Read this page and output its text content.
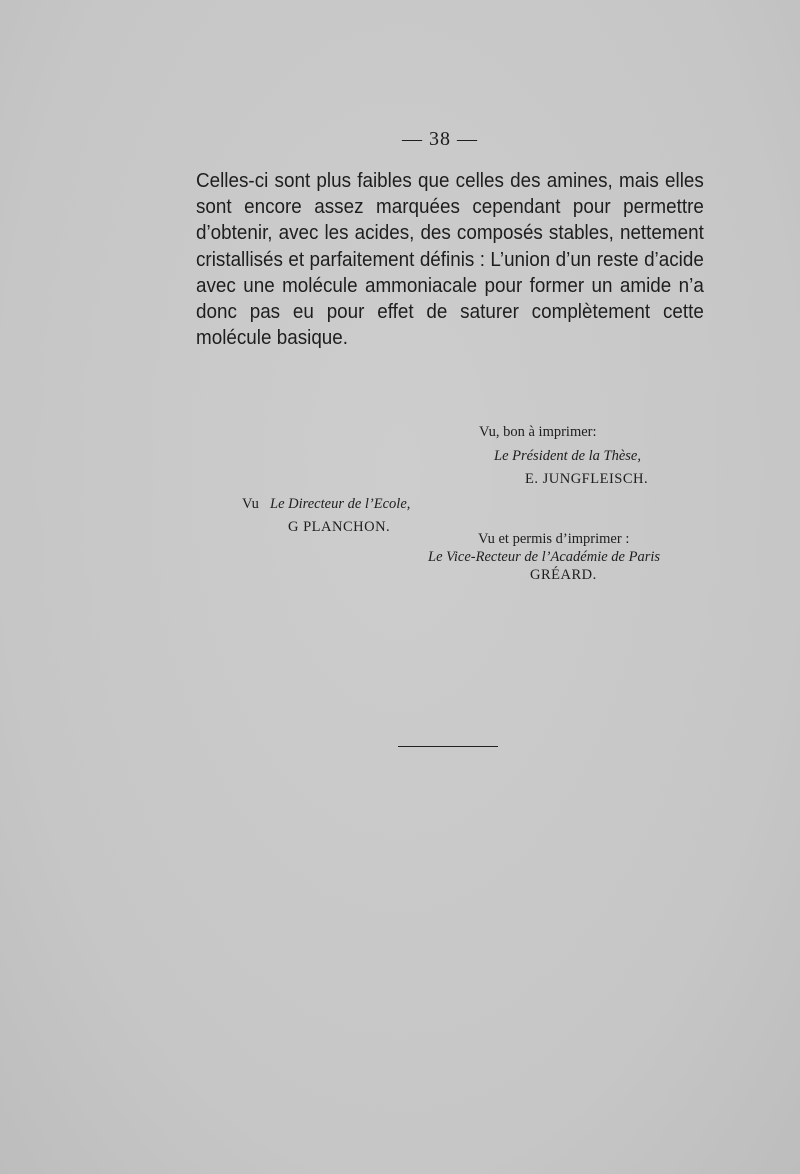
— 38 —
Celles-ci sont plus faibles que celles des amines, mais elles sont encore assez marquées cependant pour permettre d’obtenir, avec les acides, des composés stables, nettement cristallisés et parfaitement définis : L’union d’un reste d’acide avec une molécule ammoniacale pour former un amide n’a donc pas eu pour effet de saturer complètement cette molécule basique.
Vu, bon à imprimer:
Le Président de la Thèse,
E. JUNGFLEISCH.
Vu Le Directeur de l’Ecole,
G PLANCHON.
Vu et permis d’imprimer :
Le Vice-Recteur de l’Académie de Paris
GRÉARD.
